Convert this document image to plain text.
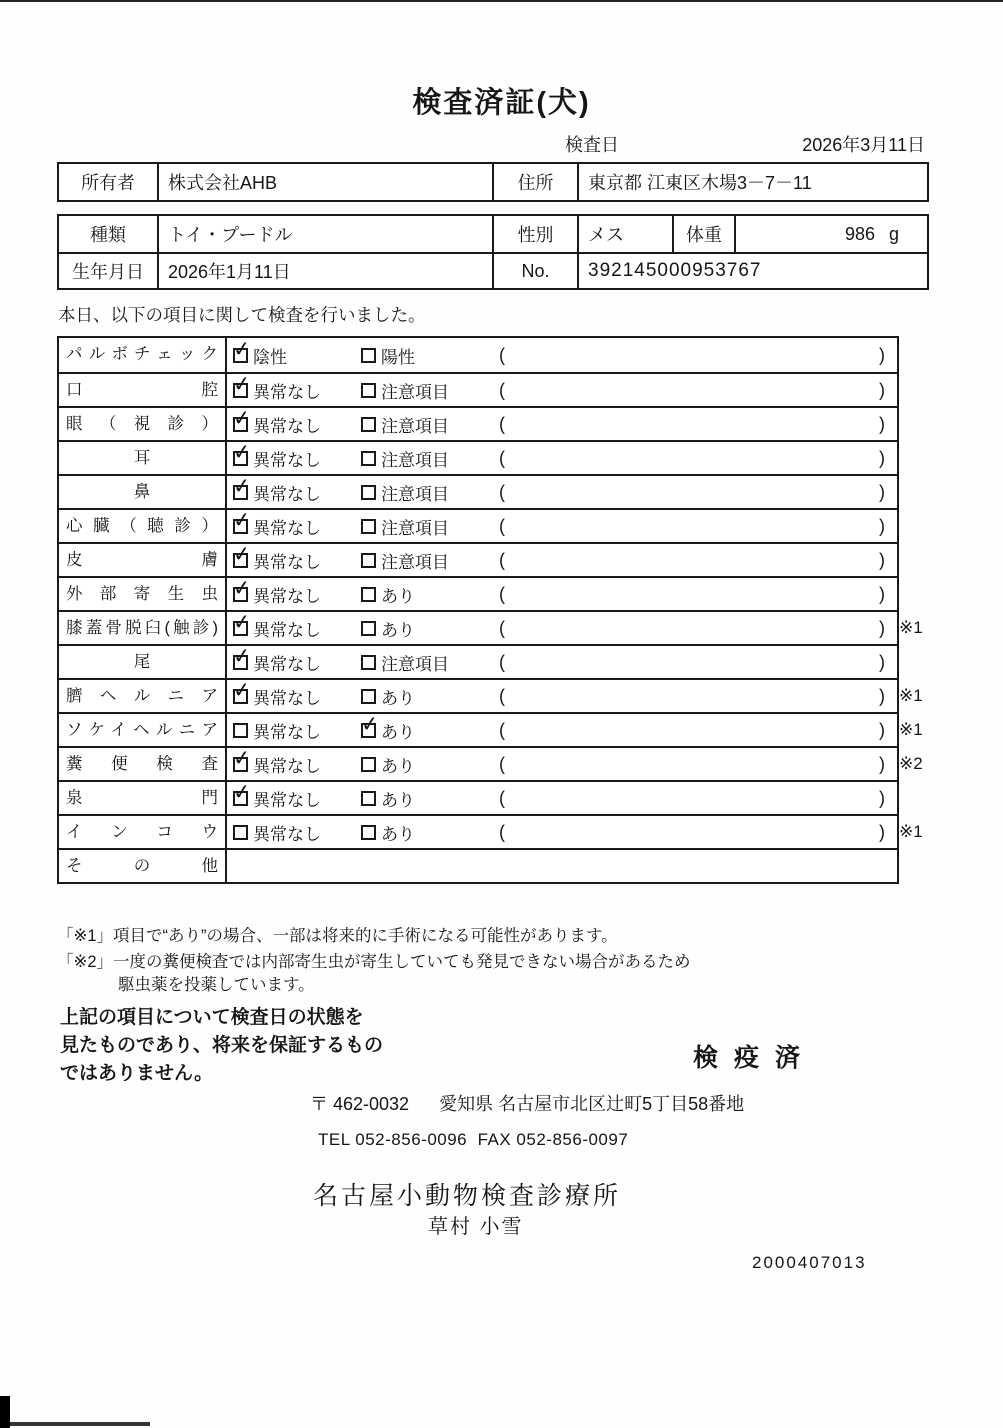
検査済証(犬)
検査日	2026年3月11日
所有者	株式会社AHB	住所	東京都 江東区木場3－7－11
種類	トイ・プードル	性別	メス	体重	986 g
生年月日	2026年1月11日	No.	392145000953767
本日、以下の項目に関して検査を行いました。
パルボチェック ✓	陰性	陽性	(	)
口腔 ✓	異常なし	注意項目	(	)
眼（視診） ✓	異常なし	注意項目	(	)
耳 ✓	異常なし	注意項目	(	)
鼻 ✓	異常なし	注意項目	(	)
心臓（聴診） ✓	異常なし	注意項目	(	)
皮膚 ✓	異常なし	注意項目	(	)
外部寄生虫 ✓	異常なし	あり	(	)
膝蓋骨脱臼(触診) ✓	異常なし	あり	(	) ※1
尾 ✓	異常なし	注意項目	(	)
臍ヘルニア ✓	異常なし	あり	(	) ※1
ソケイヘルニア	異常なし ✓	あり	(	) ※1
糞便検査 ✓	異常なし	あり	(	) ※2
泉門 ✓	異常なし	あり	(	)
インコウ	異常なし	あり	(	) ※1
その他
「※1」項目で“あり”の場合、一部は将来的に手術になる可能性があります。
「※2」一度の糞便検査では内部寄生虫が寄生していても発見できない場合があるため
駆虫薬を投薬しています。
上記の項目について検査日の状態を
見たものであり、将来を保証するもの
ではありません。
検疫済
〒 462-0032 愛知県 名古屋市北区辻町5丁目58番地
TEL 052-856-0096  FAX 052-856-0097
名古屋小動物検査診療所
草村 小雪
2000407013
